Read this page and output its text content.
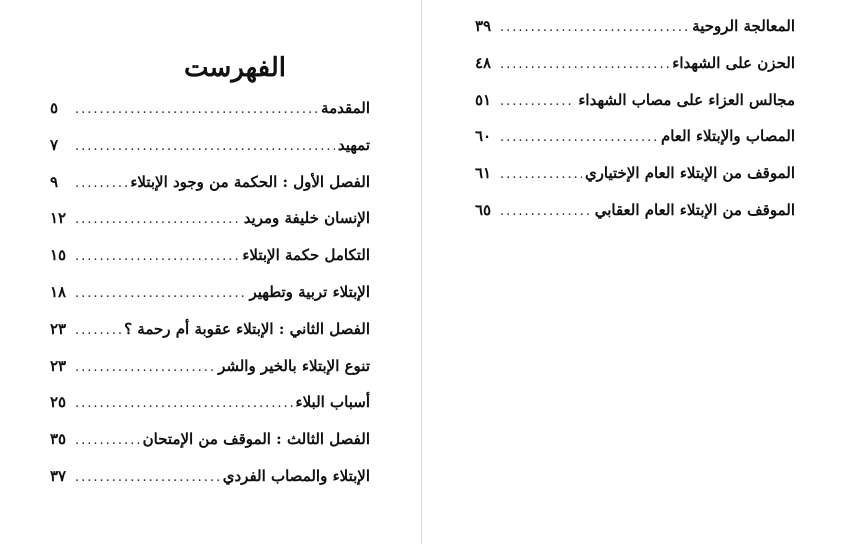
الفهرست
المقدمة
.....
٥
تمهيد
.....
٧
الفصل الأول : الحكمة من وجود الإبتلاء
.....
٩
الإنسان خليفة ومريد
.....
١٢
التكامل حكمة الإبتلاء
.....
١٥
الإبتلاء تربية وتطهير
.....
١٨
الفصل الثاني : الإبتلاء عقوبة أم رحمة ؟
.....
٢٣
تنوع الإبتلاء بالخير والشر
.....
٢٣
أسباب البلاء
.....
٢٥
الفصل الثالث : الموقف من الإمتحان
.....
٣٥
الإبتلاء والمصاب الفردي
.....
٣٧
المعالجة الروحية
.....
٣٩
الحزن على الشهداء
.....
٤٨
مجالس العزاء على مصاب الشهداء
.....
٥١
المصاب والإبتلاء العام
.....
٦٠
الموقف من الإبتلاء العام الإختياري
.....
٦١
الموقف من الإبتلاء العام العقابي
.....
٦٥
